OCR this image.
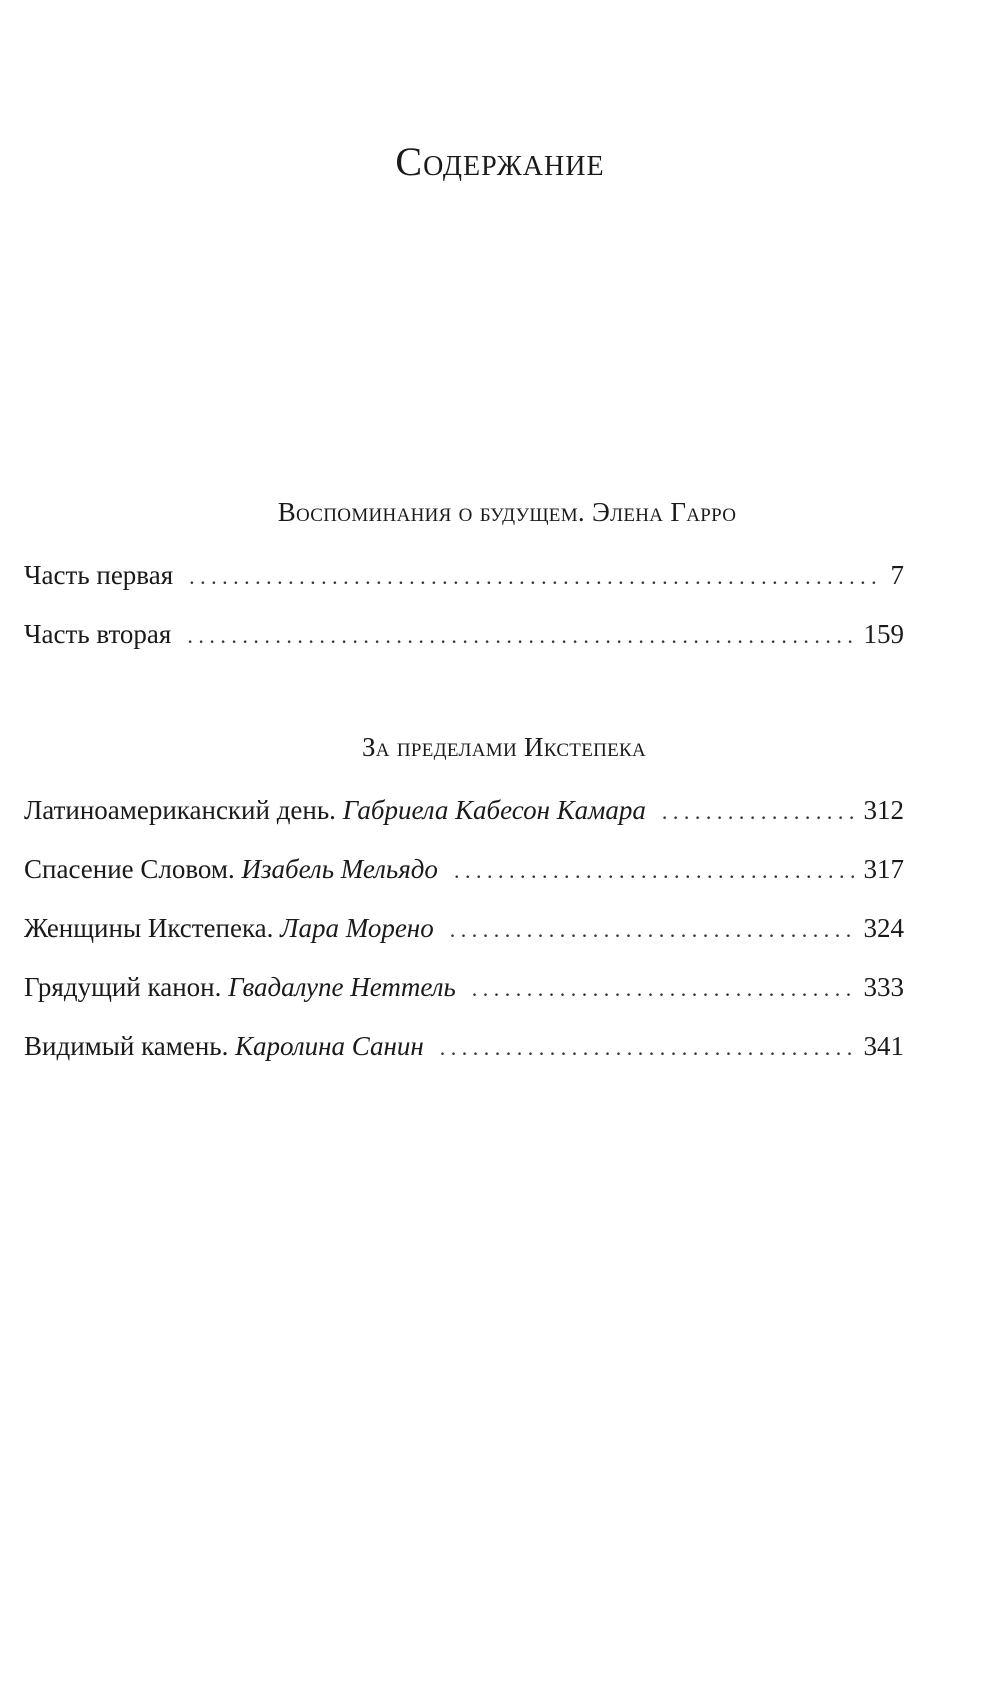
Содержание
Воспоминания о будущем. Элена Гарро
Часть первая . . .	7
Часть вторая . . .	159
За пределами Икстепека
Латиноамериканский день. Габриела Кабесон Камара . . .	312
Спасение Словом. Изабель Мельядо . . .	317
Женщины Икстепека. Лара Морено . . .	324
Грядущий канон. Гвадалупе Неттель . . .	333
Видимый камень. Каролина Санин . . .	341
